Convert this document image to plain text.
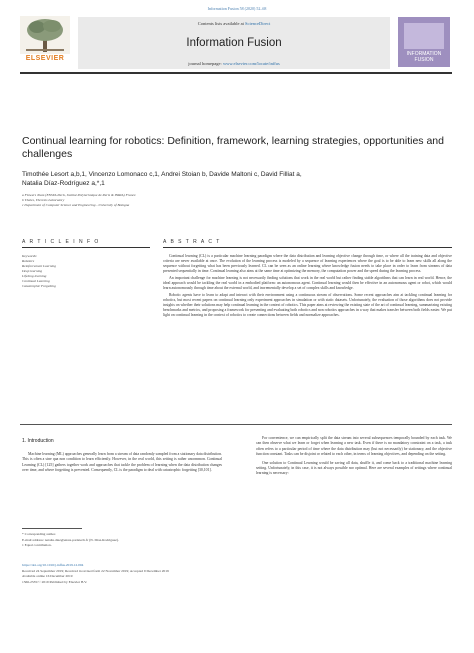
Information Fusion 58 (2020) 52–68
ELSEVIER
Contents lists available at ScienceDirect
Information Fusion
journal homepage: www.elsevier.com/locate/inffus
INFORMATION FUSION
Continual learning for robotics: Definition, framework, learning strategies, opportunities and challenges
Timothée Lesort a,b,1, Vincenzo Lomonaco c,1, Andrei Stoian b, Davide Maltoni c, David Filliat a,
Natalia Díaz-Rodríguez a,*,1
a Flowers Team (ENSTA Paris, Institut Polytechnique de Paris & INRIA) France
b Thales, Theresis Laboratory
c Department of Computer Science and Engineering - University of Bologna
A R T I C L E I N F O	A B S T R A C T
Keywords:
Robotics
Reinforcement Learning
Deep learning
Lifelong learning
Continual Learning
Catastrophic Forgetting

Continual learning (CL) is a particular machine learning paradigm where the data distribution and learning objective change through time, or where all the training data and objective criteria are never available at once. The evolution of the learning process is modeled by a sequence of learning experiences where the goal is to be able to learn new skills all along the sequence without forgetting what has been previously learned. CL can be seen as an online learning where knowledge fusion needs to take place in order to learn from streams of data presented sequentially in time. Continual learning also aims at the same time at optimizing the memory, the computation power and the speed during the learning process.

An important challenge for machine learning is not necessarily finding solutions that work in the real world but rather finding stable algorithms that can learn in real world. Hence, the ideal approach would be tackling the real world in a embodied platform: an autonomous agent. Continual learning would then be effective in an autonomous agent or robot, which would learn autonomously through time about the external world, and incrementally develop a set of complex skills and knowledge.

Robotic agents have to learn to adapt and interact with their environment using a continuous stream of observations. Some recent approaches aim at tackling continual learning for robotics, but most recent papers on continual learning only experiment approaches in simulation or with static datasets. Unfortunately, the evaluation of those algorithms does not provide insights on whether their solutions may help continual learning in the context of robotics. This paper aims at reviewing the existing state of the art of continual learning, summarizing existing benchmarks and metrics, and proposing a framework for presenting and evaluating both robotics and non robotics approaches in a way that makes transfer between both fields easier. We put light on continual learning in the context of robotics to create connections between fields and normalize approaches.

1. Introduction

Machine learning (ML) approaches generally learn from a stream of data randomly sampled from a stationary data distribution. This is often a sine qua non condition to learn efficiently. However, in the real world, this setting is rather uncommon. Continual Learning (CL) [125] gathers together work and approaches that tackle the problem of learning when the data distribution changes over time, and where forgetting is prevented. Consequently, CL is the paradigm to deal with catastrophic forgetting [30,101].

For convenience, we can empirically split the data stream into several subsequences temporally bounded by each task. We can then observe what we learn or forget when learning a new task. Even if there is no mandatory constraint on a task, a task often refers to a particular period of time where the data distribution may (but not necessarily) be stationary, and the objective function constant. Tasks can be disjoint or related to each other, in terms of learning objectives, and depending on the setting.

One solution to Continual Learning would be saving all data, shuffle it, and come back to a traditional machine learning setting. Unfortunately, in this case, it is not always possible nor optimal. Here are several examples of settings where continual learning is necessary:

* Corresponding author.
E-mail address: natalia.diaz@ensta-paristech.fr (N. Díaz-Rodríguez).
1 Equal contribution.
https://doi.org/10.1016/j.inffus.2019.12.004
Received 24 September 2019; Received in revised form 22 November 2019; Accepted 9 December 2019
Available online 16 December 2019
1566-2535/© 2019 Published by Elsevier B.V.
